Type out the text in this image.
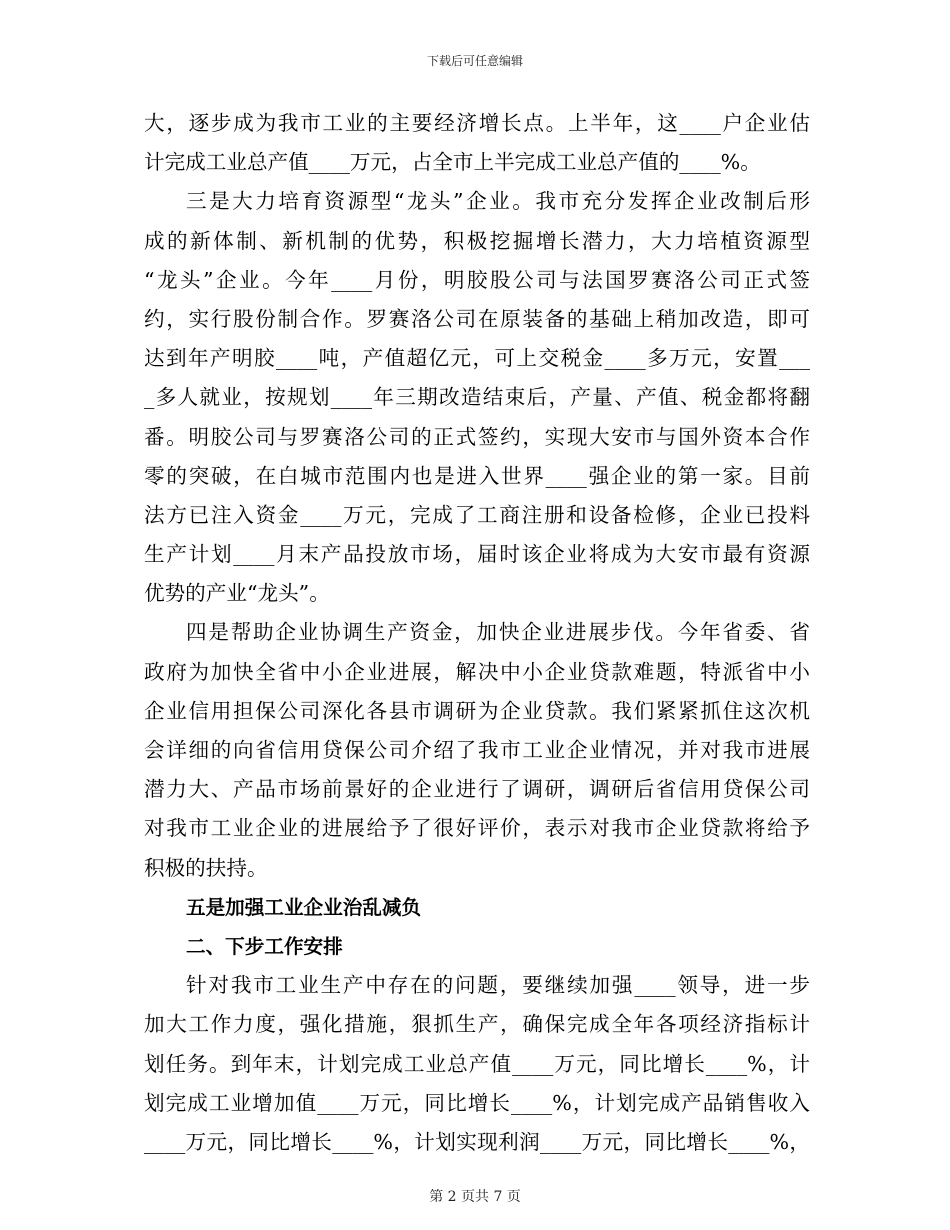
下载后可任意编辑
大，逐步成为我市工业的主要经济增长点。上半年，这____户企业估
计完成工业总产值____万元，占全市上半完成工业总产值的____%。
三是大力培育资源型“龙头”企业。我市充分发挥企业改制后形
成的新体制、新机制的优势，积极挖掘增长潜力，大力培植资源型
“龙头”企业。今年____月份，明胶股公司与法国罗赛洛公司正式签
约，实行股份制合作。罗赛洛公司在原装备的基础上稍加改造，即可
达到年产明胶____吨，产值超亿元，可上交税金____多万元，安置___
_多人就业，按规划____年三期改造结束后，产量、产值、税金都将翻
番。明胶公司与罗赛洛公司的正式签约，实现大安市与国外资本合作
零的突破，在白城市范围内也是进入世界____强企业的第一家。目前
法方已注入资金____万元，完成了工商注册和设备检修，企业已投料
生产计划____月末产品投放市场，届时该企业将成为大安市最有资源
优势的产业“龙头”。
四是帮助企业协调生产资金，加快企业进展步伐。今年省委、省
政府为加快全省中小企业进展，解决中小企业贷款难题，特派省中小
企业信用担保公司深化各县市调研为企业贷款。我们紧紧抓住这次机
会详细的向省信用贷保公司介绍了我市工业企业情况，并对我市进展
潜力大、产品市场前景好的企业进行了调研，调研后省信用贷保公司
对我市工业企业的进展给予了很好评价，表示对我市企业贷款将给予
积极的扶持。
五是加强工业企业治乱减负
二、下步工作安排
针对我市工业生产中存在的问题，要继续加强____领导，进一步
加大工作力度，强化措施，狠抓生产，确保完成全年各项经济指标计
划任务。到年末，计划完成工业总产值____万元，同比增长____%，计
划完成工业增加值____万元，同比增长____%，计划完成产品销售收入
____万元，同比增长____%，计划实现利润____万元，同比增长____%，
第 2 页共 7 页
